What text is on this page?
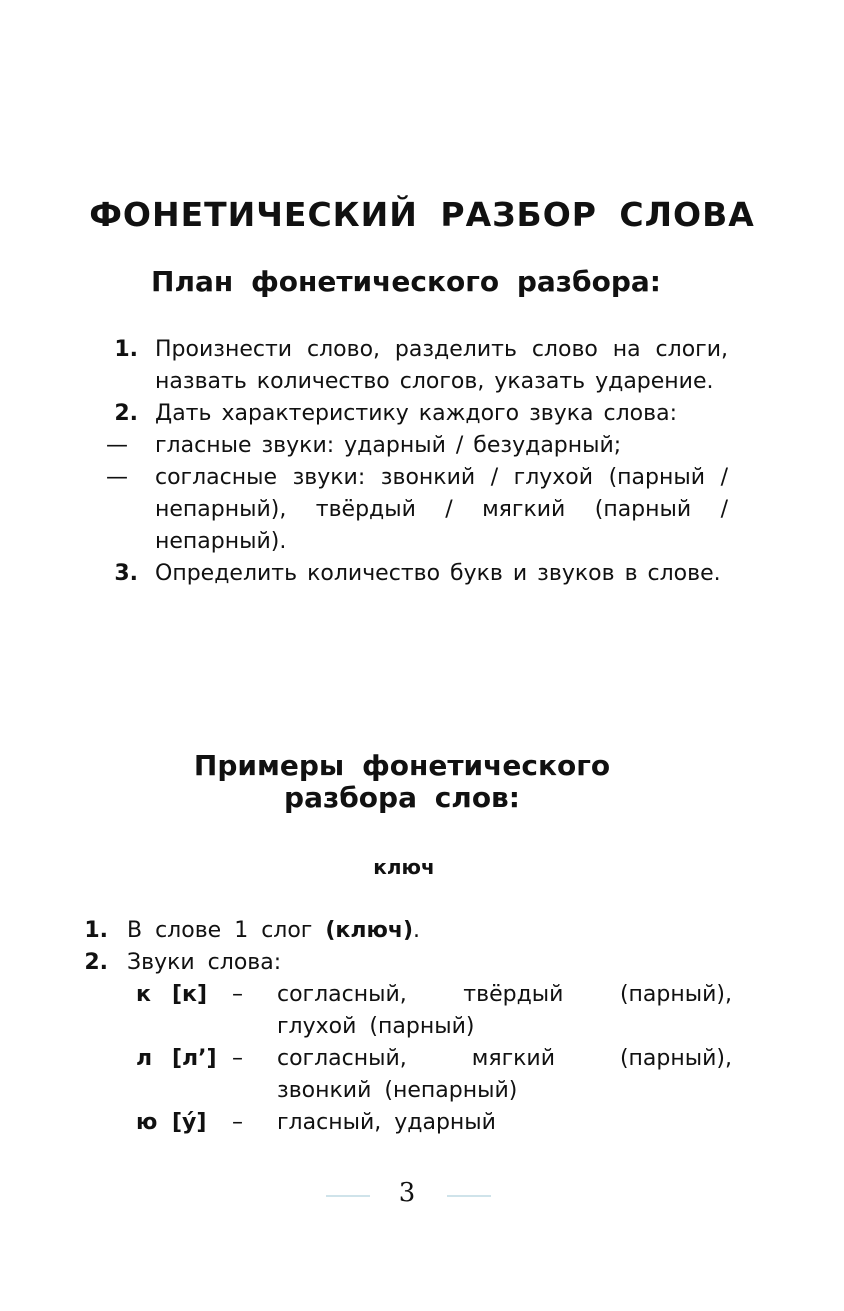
ФОНЕТИЧЕСКИЙ РАЗБОР СЛОВА
План фонетического разбора:
1. Произнести слово, разделить слово на слоги, назвать количество слогов, указать ударение.
2. Дать характеристику каждого звука слова:
—	гласные звуки: ударный / безударный;
—	согласные звуки: звонкий / глухой (парный / непарный), твёрдый / мягкий (парный / непарный).
3. Определить количество букв и звуков в слове.
Примеры фонетического
разбора слов:
ключ
1. В слове 1 слог (ключ).
2. Звуки слова:
к [к] – согласный, твёрдый (парный),
глухой (парный)
л [л’] – согласный, мягкий (парный),
звонкий (непарный)
ю [у́] – гласный, ударный
3
